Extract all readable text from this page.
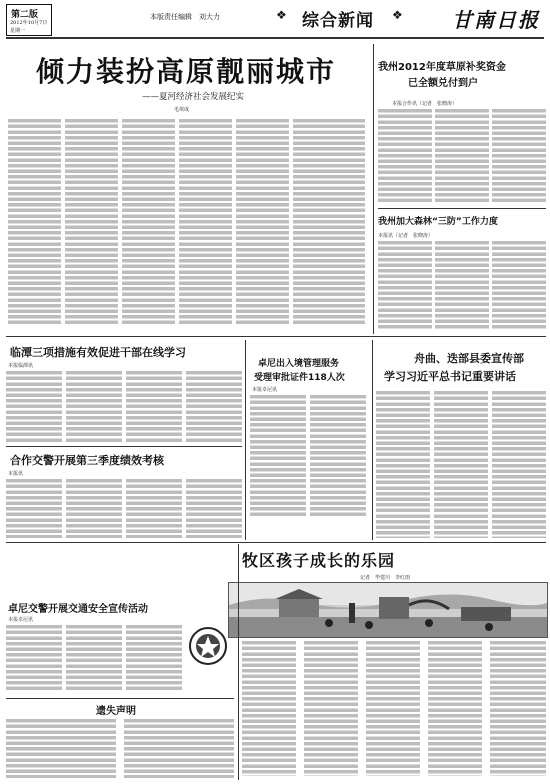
第二版
2012年10月7日
星期一
本版责任编辑　刘大力	❖ 综合新闻 ❖ 甘南日报
倾力装扮高原靓丽城市
——夏河经济社会发展纪实
毛琪成
我州2012年度草原补奖资金
已全额兑付到户
本报合作讯（记者　张晓涛）
我州加大森林“三防”工作力度
本报讯（记者　张晓涛）
临潭三项措施有效促进干部在线学习
本报临潭讯	卓尼出入境管理服务
受理审批证件118人次
本报卓尼讯
舟曲、迭部县委宣传部
学习习近平总书记重要讲话
合作交警开展第三季度绩效考核
本报讯
牧区孩子成长的乐园
记者　毕建川　李红雨
卓尼交警开展交通安全宣传活动
本报卓尼讯
遗失声明
